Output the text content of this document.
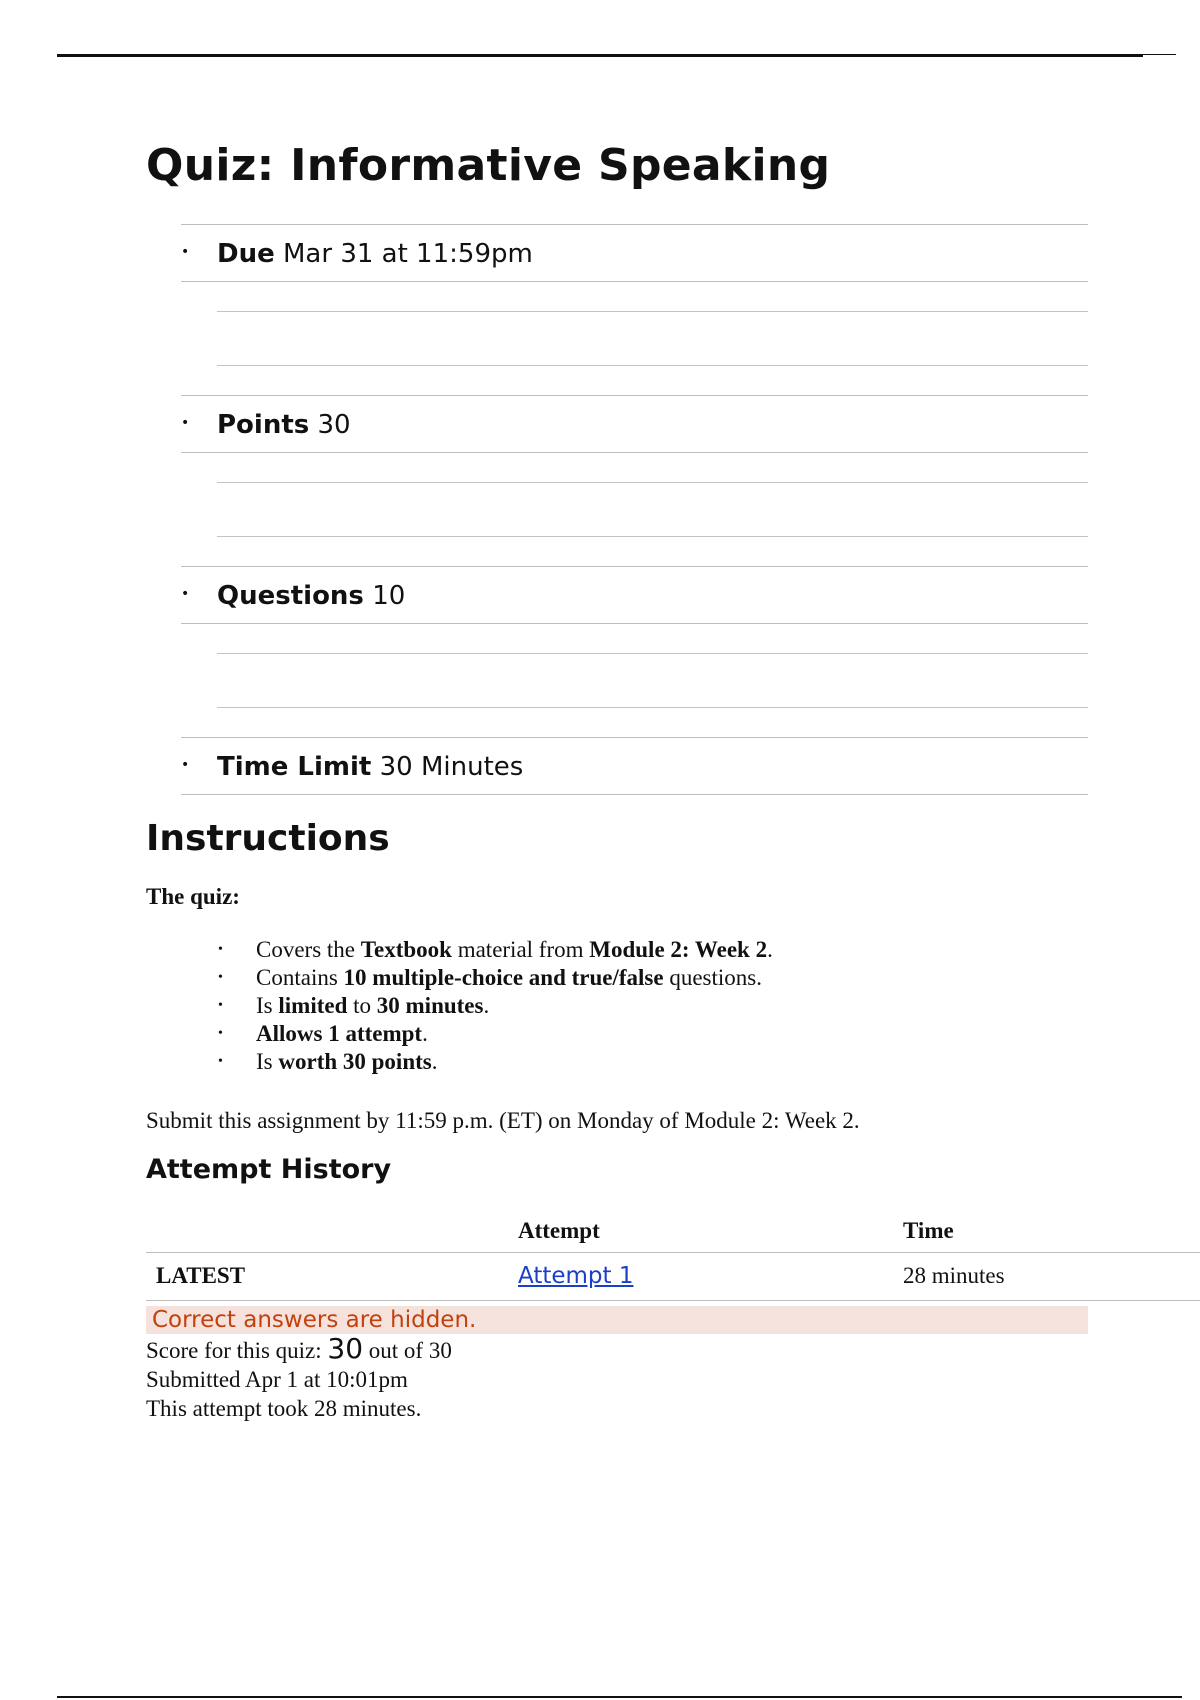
Quiz: Informative Speaking
• Due Mar 31 at 11:59pm
• Points 30
• Questions 10
• Time Limit 30 Minutes
Instructions

The quiz:

• Covers the Textbook material from Module 2: Week 2.
• Contains 10 multiple-choice and true/false questions.
• Is limited to 30 minutes.
• Allows 1 attempt.
• Is worth 30 points.

Submit this assignment by 11:59 p.m. (ET) on Monday of Module 2: Week 2.

Attempt History
	Attempt	Time
LATEST	Attempt 1	28 minutes
Correct answers are hidden.
Score for this quiz: 30 out of 30
Submitted Apr 1 at 10:01pm
This attempt took 28 minutes.
